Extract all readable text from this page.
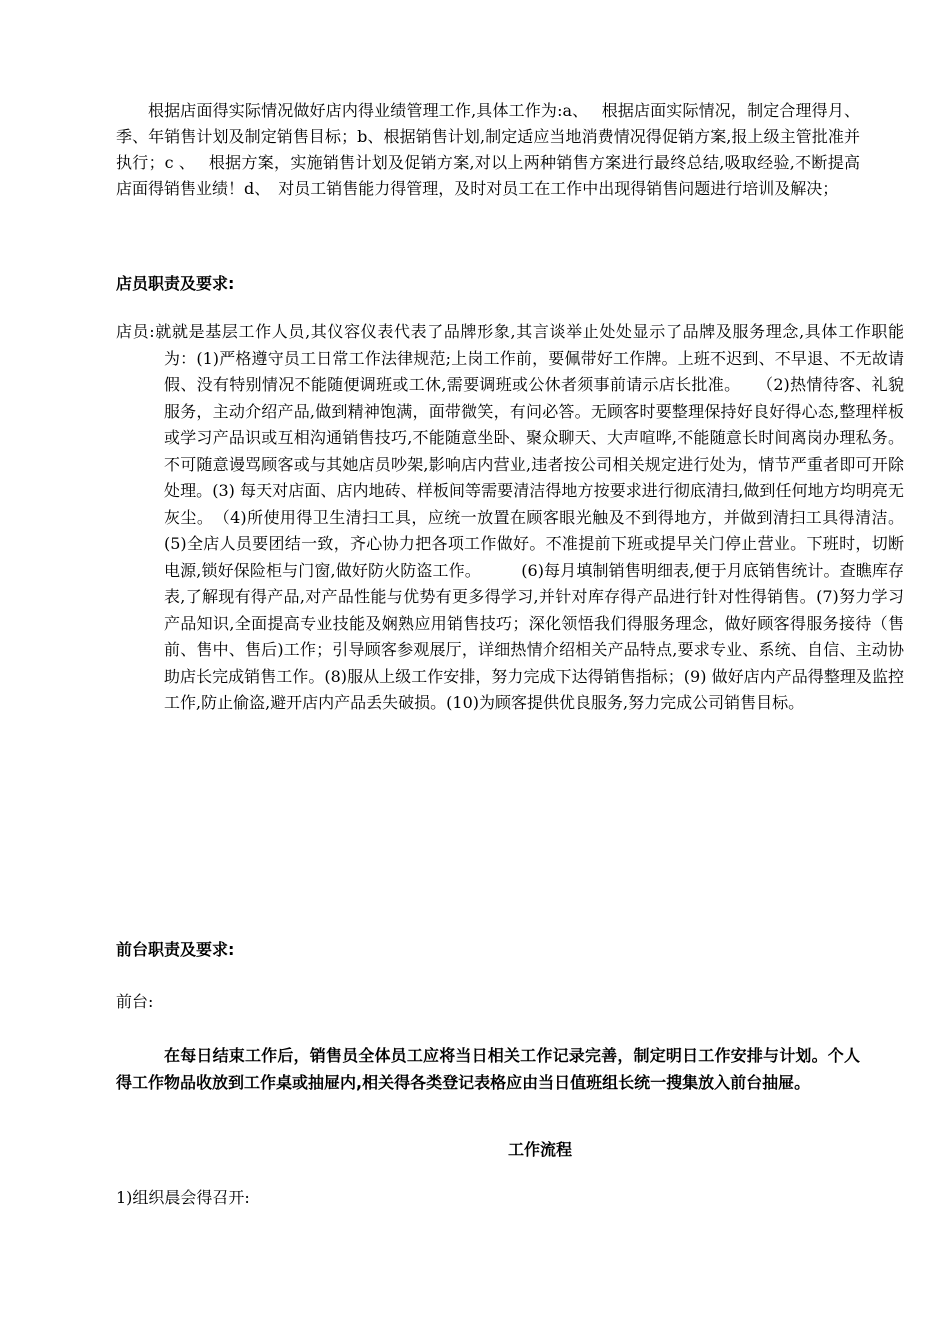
根据店面得实际情况做好店内得业绩管理工作,具体工作为:a、　 根据店面实际情况，制定合理得月、季、年销售计划及制定销售目标；b、根据销售计划,制定适应当地消费情况得促销方案,报上级主管批准并执行；c 、　 根据方案，实施销售计划及促销方案,对以上两种销售方案进行最终总结,吸取经验,不断提高店面得销售业绩！d、　对员工销售能力得管理，及时对员工在工作中出现得销售问题进行培训及解决；

店员职责及要求:

店员:就就是基层工作人员,其仪容仪表代表了品牌形象,其言谈举止处处显示了品牌及服务理念,具体工作职能为：(1)严格遵守员工日常工作法律规范;上岗工作前，要佩带好工作牌。上班不迟到、不早退、不无故请假、没有特别情况不能随便调班或工休,需要调班或公休者须事前请示店长批准。　　（2)热情待客、礼貌服务，主动介绍产品,做到精神饱满，面带微笑，有问必答。无顾客时要整理保持好良好得心态,整理样板或学习产品识或互相沟通销售技巧,不能随意坐卧、聚众聊天、大声喧哗,不能随意长时间离岗办理私务。不可随意谩骂顾客或与其她店员吵架,影响店内营业,违者按公司相关规定进行处为，情节严重者即可开除处理。(3) 每天对店面、店内地砖、样板间等需要清洁得地方按要求进行彻底清扫,做到任何地方均明亮无灰尘。　（4)所使用得卫生清扫工具，应统一放置在顾客眼光触及不到得地方，并做到清扫工具得清洁。(5)全店人员要团结一致，齐心协力把各项工作做好。不准提前下班或提早关门停止营业。下班时，切断电源,锁好保险柜与门窗,做好防火防盗工作。　　　(6)每月填制销售明细表,便于月底销售统计。查瞧库存表,了解现有得产品,对产品性能与优势有更多得学习,并针对库存得产品进行针对性得销售。(7)努力学习产品知识,全面提高专业技能及娴熟应用销售技巧；深化领悟我们得服务理念，做好顾客得服务接待（售前、售中、售后)工作；引导顾客参观展厅，详细热情介绍相关产品特点,要求专业、系统、自信、主动协助店长完成销售工作。(8)服从上级工作安排，努力完成下达得销售指标；(9) 做好店内产品得整理及监控工作,防止偷盗,避开店内产品丢失破损。(10)为顾客提供优良服务,努力完成公司销售目标。

前台职责及要求:

前台:

在每日结束工作后，销售员全体员工应将当日相关工作记录完善，制定明日工作安排与计划。个人得工作物品收放到工作桌或抽屉内,相关得各类登记表格应由当日值班组长统一搜集放入前台抽屉。

工作流程

1)组织晨会得召开:
